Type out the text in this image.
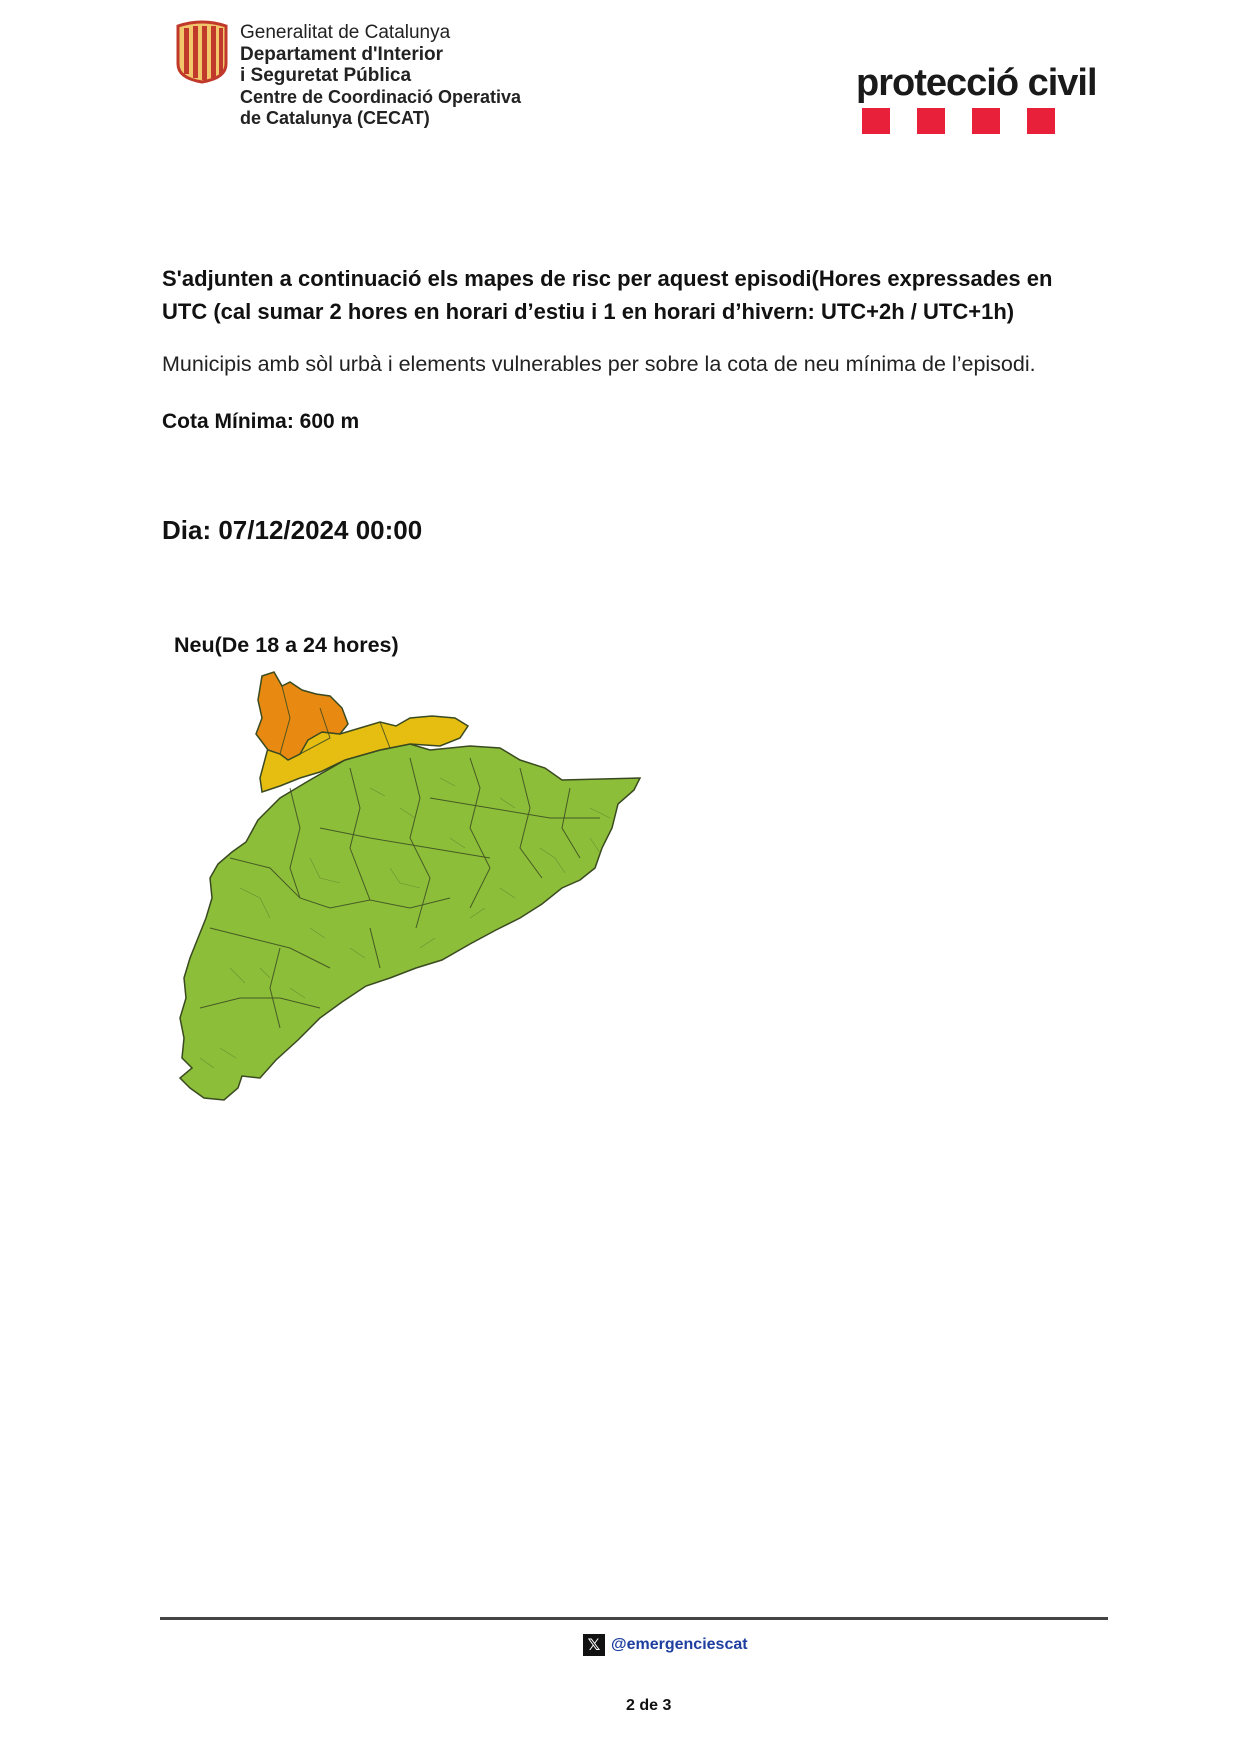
Generalitat de Catalunya
Departament d'Interior
i Seguretat Pública
Centre de Coordinació Operativa
de Catalunya (CECAT)
protecció civil
S'adjunten a continuació els mapes de risc per aquest episodi(Hores expressades en UTC (cal sumar 2 hores en horari d’estiu i 1 en horari d’hivern: UTC+2h / UTC+1h)
Municipis amb sòl urbà i elements vulnerables per sobre la cota de neu mínima de l’episodi.
Cota Mínima: 600 m
Dia: 07/12/2024 00:00
Neu(De 18 a 24 hores)
𝕏 @emergenciescat
2 de 3
